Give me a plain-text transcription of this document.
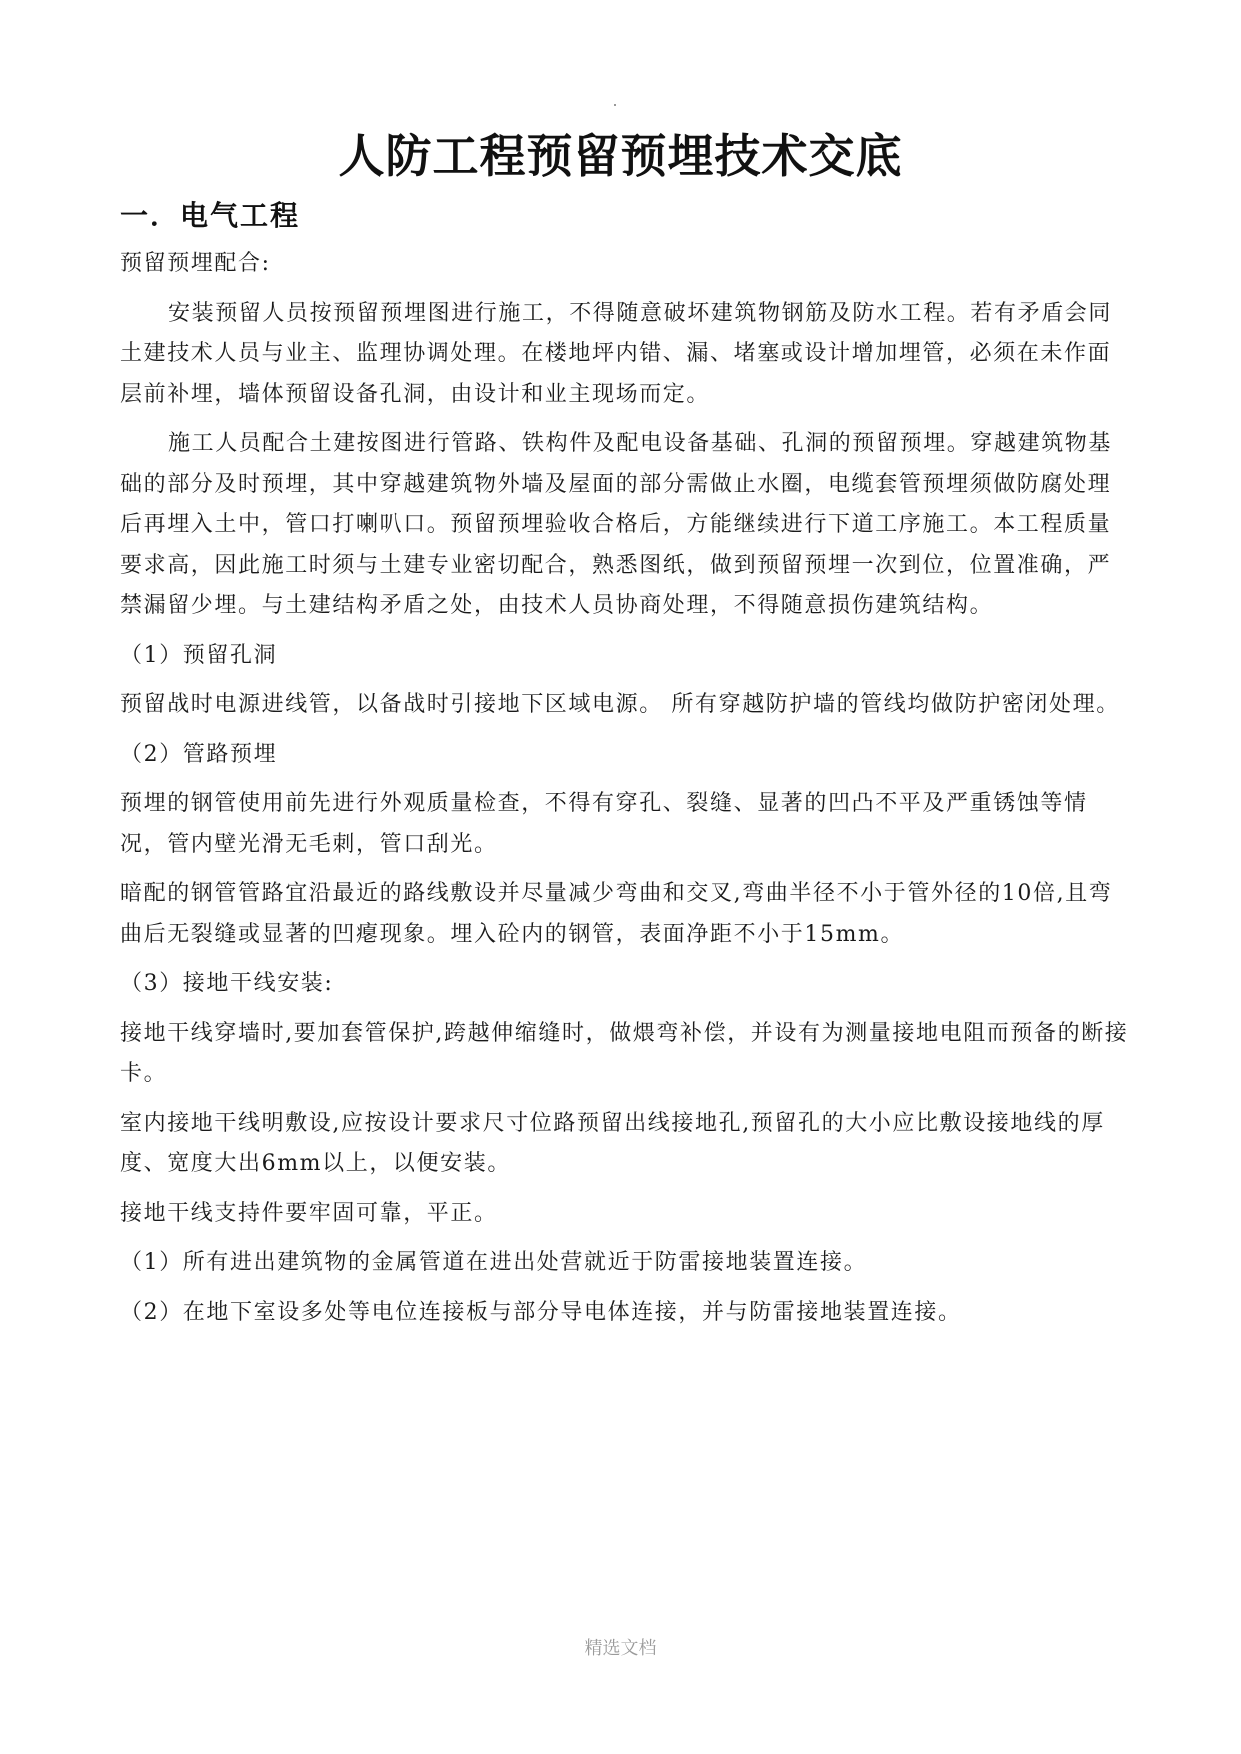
人防工程预留预埋技术交底
一．电气工程

预留预埋配合:

安装预留人员按预留预埋图进行施工，不得随意破坏建筑物钢筋及防水工程。若有矛盾会同土建技术人员与业主、监理协调处理。在楼地坪内错、漏、堵塞或设计增加埋管，必须在未作面层前补埋，墙体预留设备孔洞，由设计和业主现场而定。

施工人员配合土建按图进行管路、铁构件及配电设备基础、孔洞的预留预埋。穿越建筑物基础的部分及时预埋，其中穿越建筑物外墙及屋面的部分需做止水圈，电缆套管预埋须做防腐处理后再埋入土中，管口打喇叭口。预留预埋验收合格后，方能继续进行下道工序施工。本工程质量要求高，因此施工时须与土建专业密切配合，熟悉图纸，做到预留预埋一次到位，位置准确，严禁漏留少埋。与土建结构矛盾之处，由技术人员协商处理，不得随意损伤建筑结构。

（1）预留孔洞

预留战时电源进线管，以备战时引接地下区域电源。 所有穿越防护墙的管线均做防护密闭处理。

（2）管路预埋

预埋的钢管使用前先进行外观质量检查，不得有穿孔、裂缝、显著的凹凸不平及严重锈蚀等情况，管内壁光滑无毛刺，管口刮光。

暗配的钢管管路宜沿最近的路线敷设并尽量减少弯曲和交叉,弯曲半径不小于管外径的10倍,且弯曲后无裂缝或显著的凹瘪现象。埋入砼内的钢管，表面净距不小于15mm。

（3）接地干线安装:

接地干线穿墙时,要加套管保护,跨越伸缩缝时，做煨弯补偿，并设有为测量接地电阻而预备的断接卡。

室内接地干线明敷设,应按设计要求尺寸位路预留出线接地孔,预留孔的大小应比敷设接地线的厚度、宽度大出6mm以上，以便安装。

接地干线支持件要牢固可靠，平正。

（1）所有进出建筑物的金属管道在进出处营就近于防雷接地装置连接。

（2）在地下室设多处等电位连接板与部分导电体连接，并与防雷接地装置连接。

精选文档
